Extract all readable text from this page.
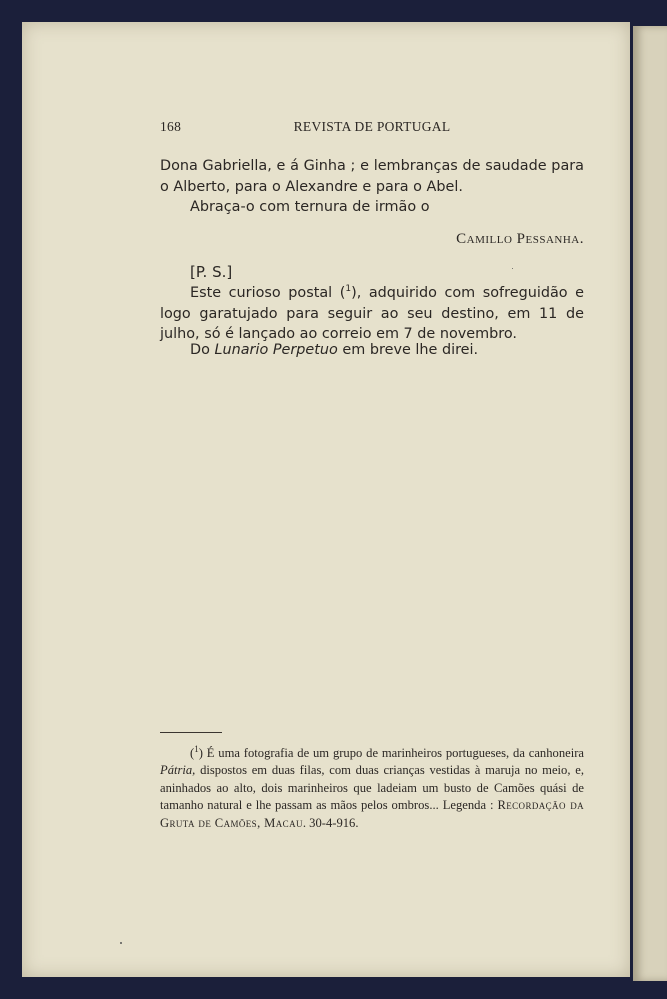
168	REVISTA DE PORTUGAL

Dona Gabriella, e á Ginha ; e lembranças de saudade para o Alberto, para o Alexandre e para o Abel.

Abraça-o com ternura de irmão o

Camillo Pessanha.

[P. S.]

Este curioso postal ($^1$), adquirido com sofreguidão e logo garatujado para seguir ao seu destino, em 11 de julho, só é lançado ao correio em 7 de novembro.

Do Lunario Perpetuo em breve lhe direi.

($^1$) É uma fotografia de um grupo de marinheiros portugueses, da canhoneira Pátria, dispostos em duas filas, com duas crianças vestidas à maruja no meio, e, aninhados ao alto, dois marinheiros que ladeiam um busto de Camões quási de tamanho natural e lhe passam as mãos pelos ombros... Legenda : Recordação da Gruta de Camões, Macau. 30-4-916.
